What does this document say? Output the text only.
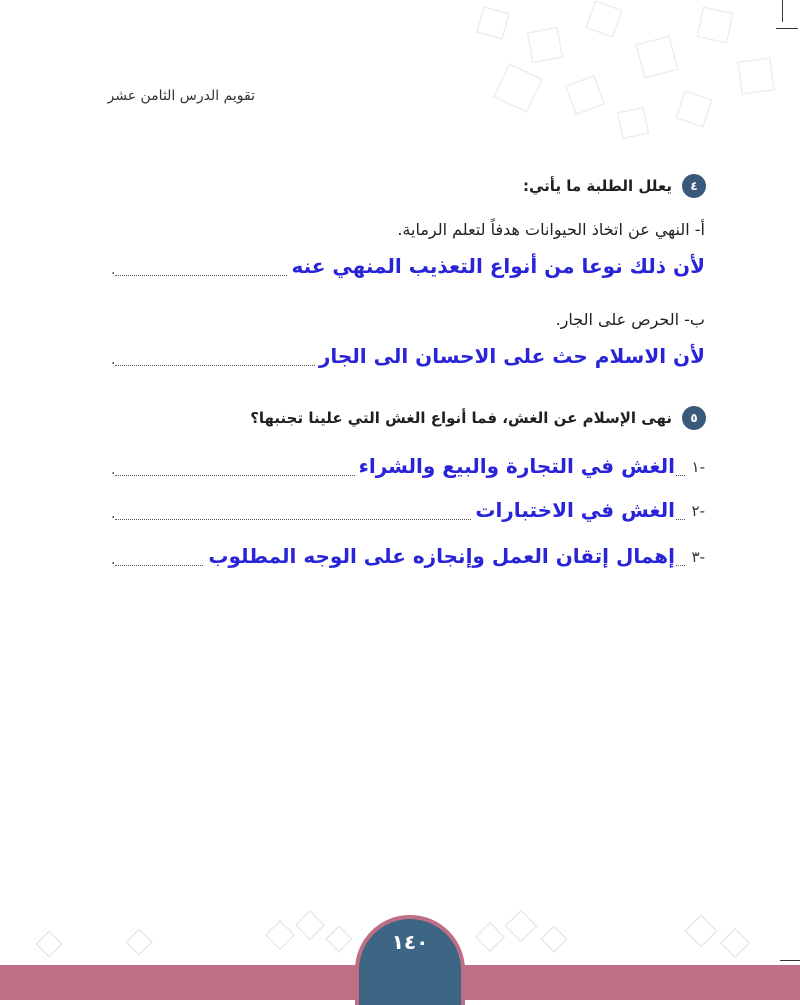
تقويم الدرس الثامن عشر
٤
يعلل الطلبة ما يأتي:
أ- النهي عن اتخاذ الحيوانات هدفاً لتعلم الرماية.
.	لأن ذلك نوعا من أنواع التعذيب المنهي عنه
ب- الحرص على الجار.
.	لأن الاسلام حث على الاحسان الى الجار
٥
نهى الإسلام عن الغش، فما أنواع الغش التي علينا تجنبها؟
.	١-
الغش في التجارة والبيع والشراء
.	٢-
الغش في الاختبارات
.	٣-
إهمال إتقان العمل وإنجازه على الوجه المطلوب
١٤٠
